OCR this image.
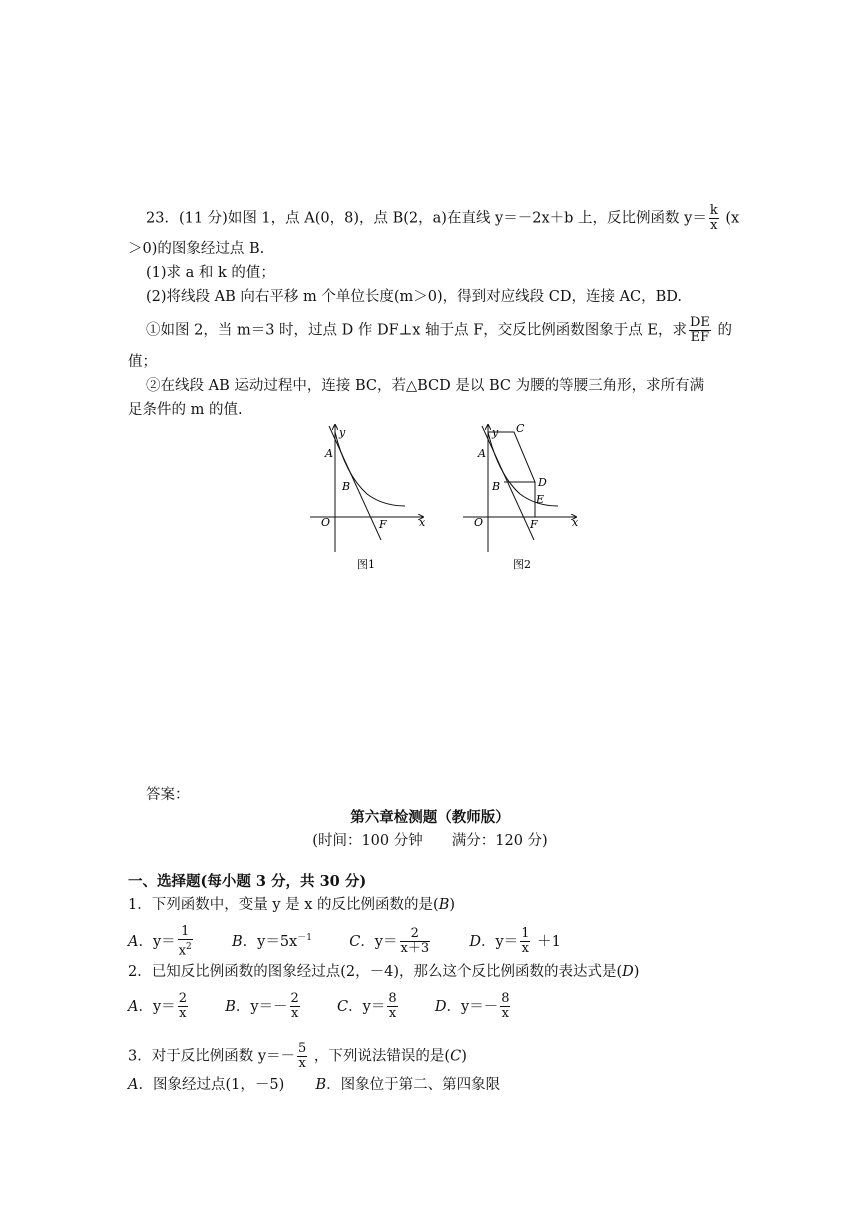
23．(11 分)如图 1，点 A(0，8)，点 B(2，a)在直线 y＝－2x＋b 上，反比例函数 $y= \frac{k}{x} (x$
＞0)的图象经过点 B.
(1)求 a 和 k 的值；
(2)将线段 AB 向右平移 m 个单位长度(m＞0)，得到对应线段 CD，连接 AC，BD.
①如图 2，当 m＝3 时，过点 D 作 DF⊥x 轴于点 F，交反比例函数图象于点 E，求 $\frac{DE}{EF}$ 的
值；
②在线段 AB 运动过程中，连接 BC，若△BCD 是以 BC 为腰的等腰三角形，求所有满
足条件的 m 的值.
y
x
O
A
B
F
图1
y
x
O
A
B
C
D
E
F
图2
答案：
第六章检测题（教师版）
(时间：100 分钟　　满分：120 分)
一、选择题(每小题 3 分，共 30 分)
1．下列函数中，变量 y 是 x 的反比例函数的是(B)
A．$y= \frac{1}{x^2}$	B．$y=5x^{-1}$	C．$y= \frac{2}{x+3}$	D．$y= \frac{1}{x} +1$
2．已知反比例函数的图象经过点(2，－4)，那么这个反比例函数的表达式是(D)
A．$y= \frac{2}{x}$	B．$y=- \frac{2}{x}$	C．$y= \frac{8}{x}$	D．$y=- \frac{8}{x}$
3．对于反比例函数 $y=- \frac{5}{x}$ ，下列说法错误的是(C)
A．图象经过点(1，－5) B．图象位于第二、第四象限
